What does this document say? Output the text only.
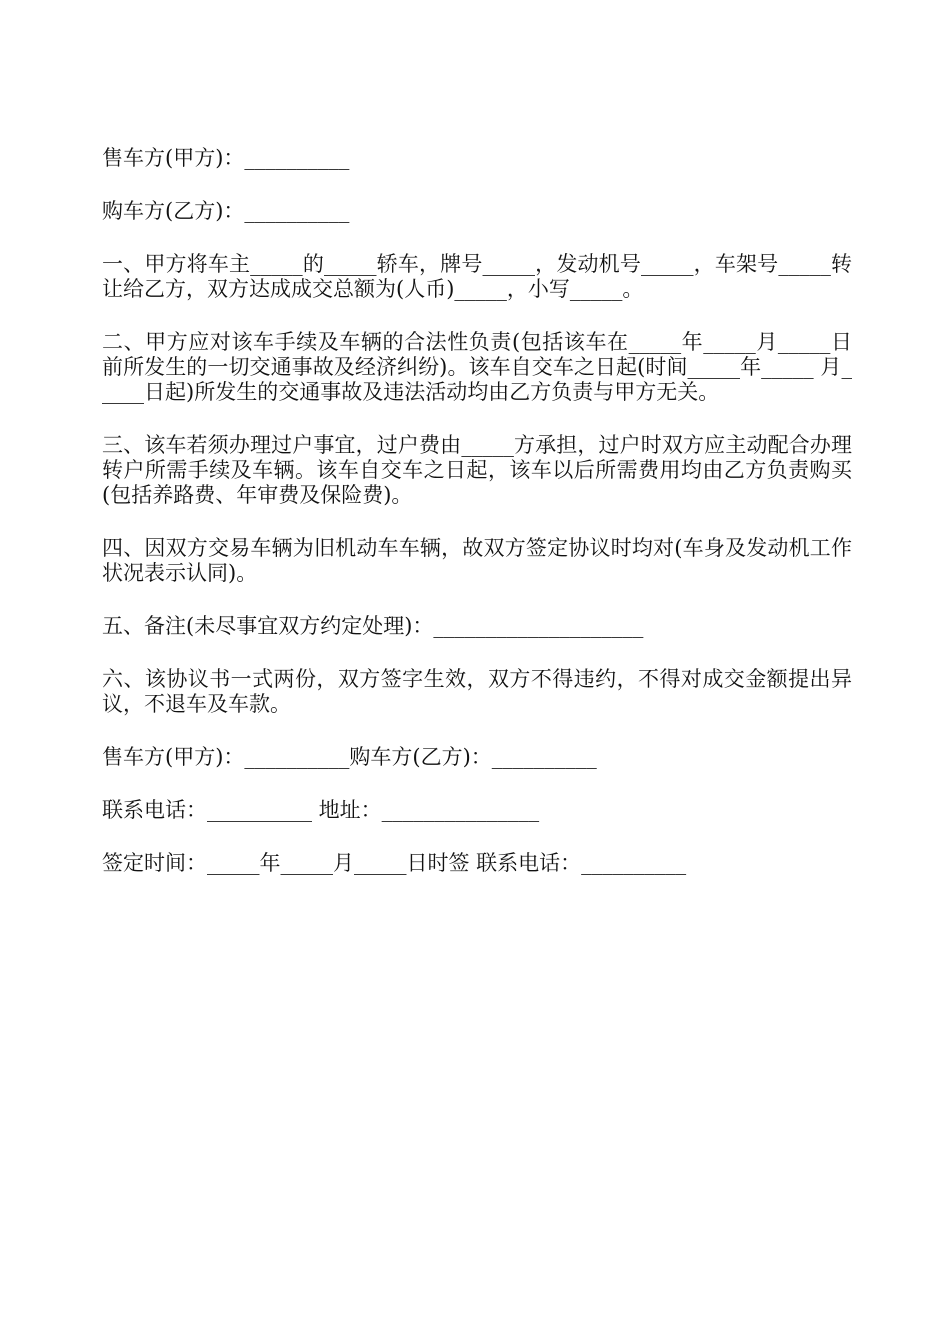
售车方(甲方)：__________

购车方(乙方)：__________

一、甲方将车主_____的_____轿车，牌号_____，发动机号_____，车架号_____转让给乙方，双方达成成交总额为(人币)_____，小写_____。

二、甲方应对该车手续及车辆的合法性负责(包括该车在_____年_____月_____日前所发生的一切交通事故及经济纠纷)。该车自交车之日起(时间_____年_____ 月_____日起)所发生的交通事故及违法活动均由乙方负责与甲方无关。

三、该车若须办理过户事宜，过户费由_____方承担，过户时双方应主动配合办理转户所需手续及车辆。该车自交车之日起，该车以后所需费用均由乙方负责购买(包括养路费、年审费及保险费)。

四、因双方交易车辆为旧机动车车辆，故双方签定协议时均对(车身及发动机工作状况表示认同)。

五、备注(未尽事宜双方约定处理)：____________________

六、该协议书一式两份，双方签字生效，双方不得违约，不得对成交金额提出异议，不退车及车款。

售车方(甲方)：__________购车方(乙方)：__________

联系电话：__________ 地址：_______________

签定时间：_____年_____月_____日时签 联系电话：__________
